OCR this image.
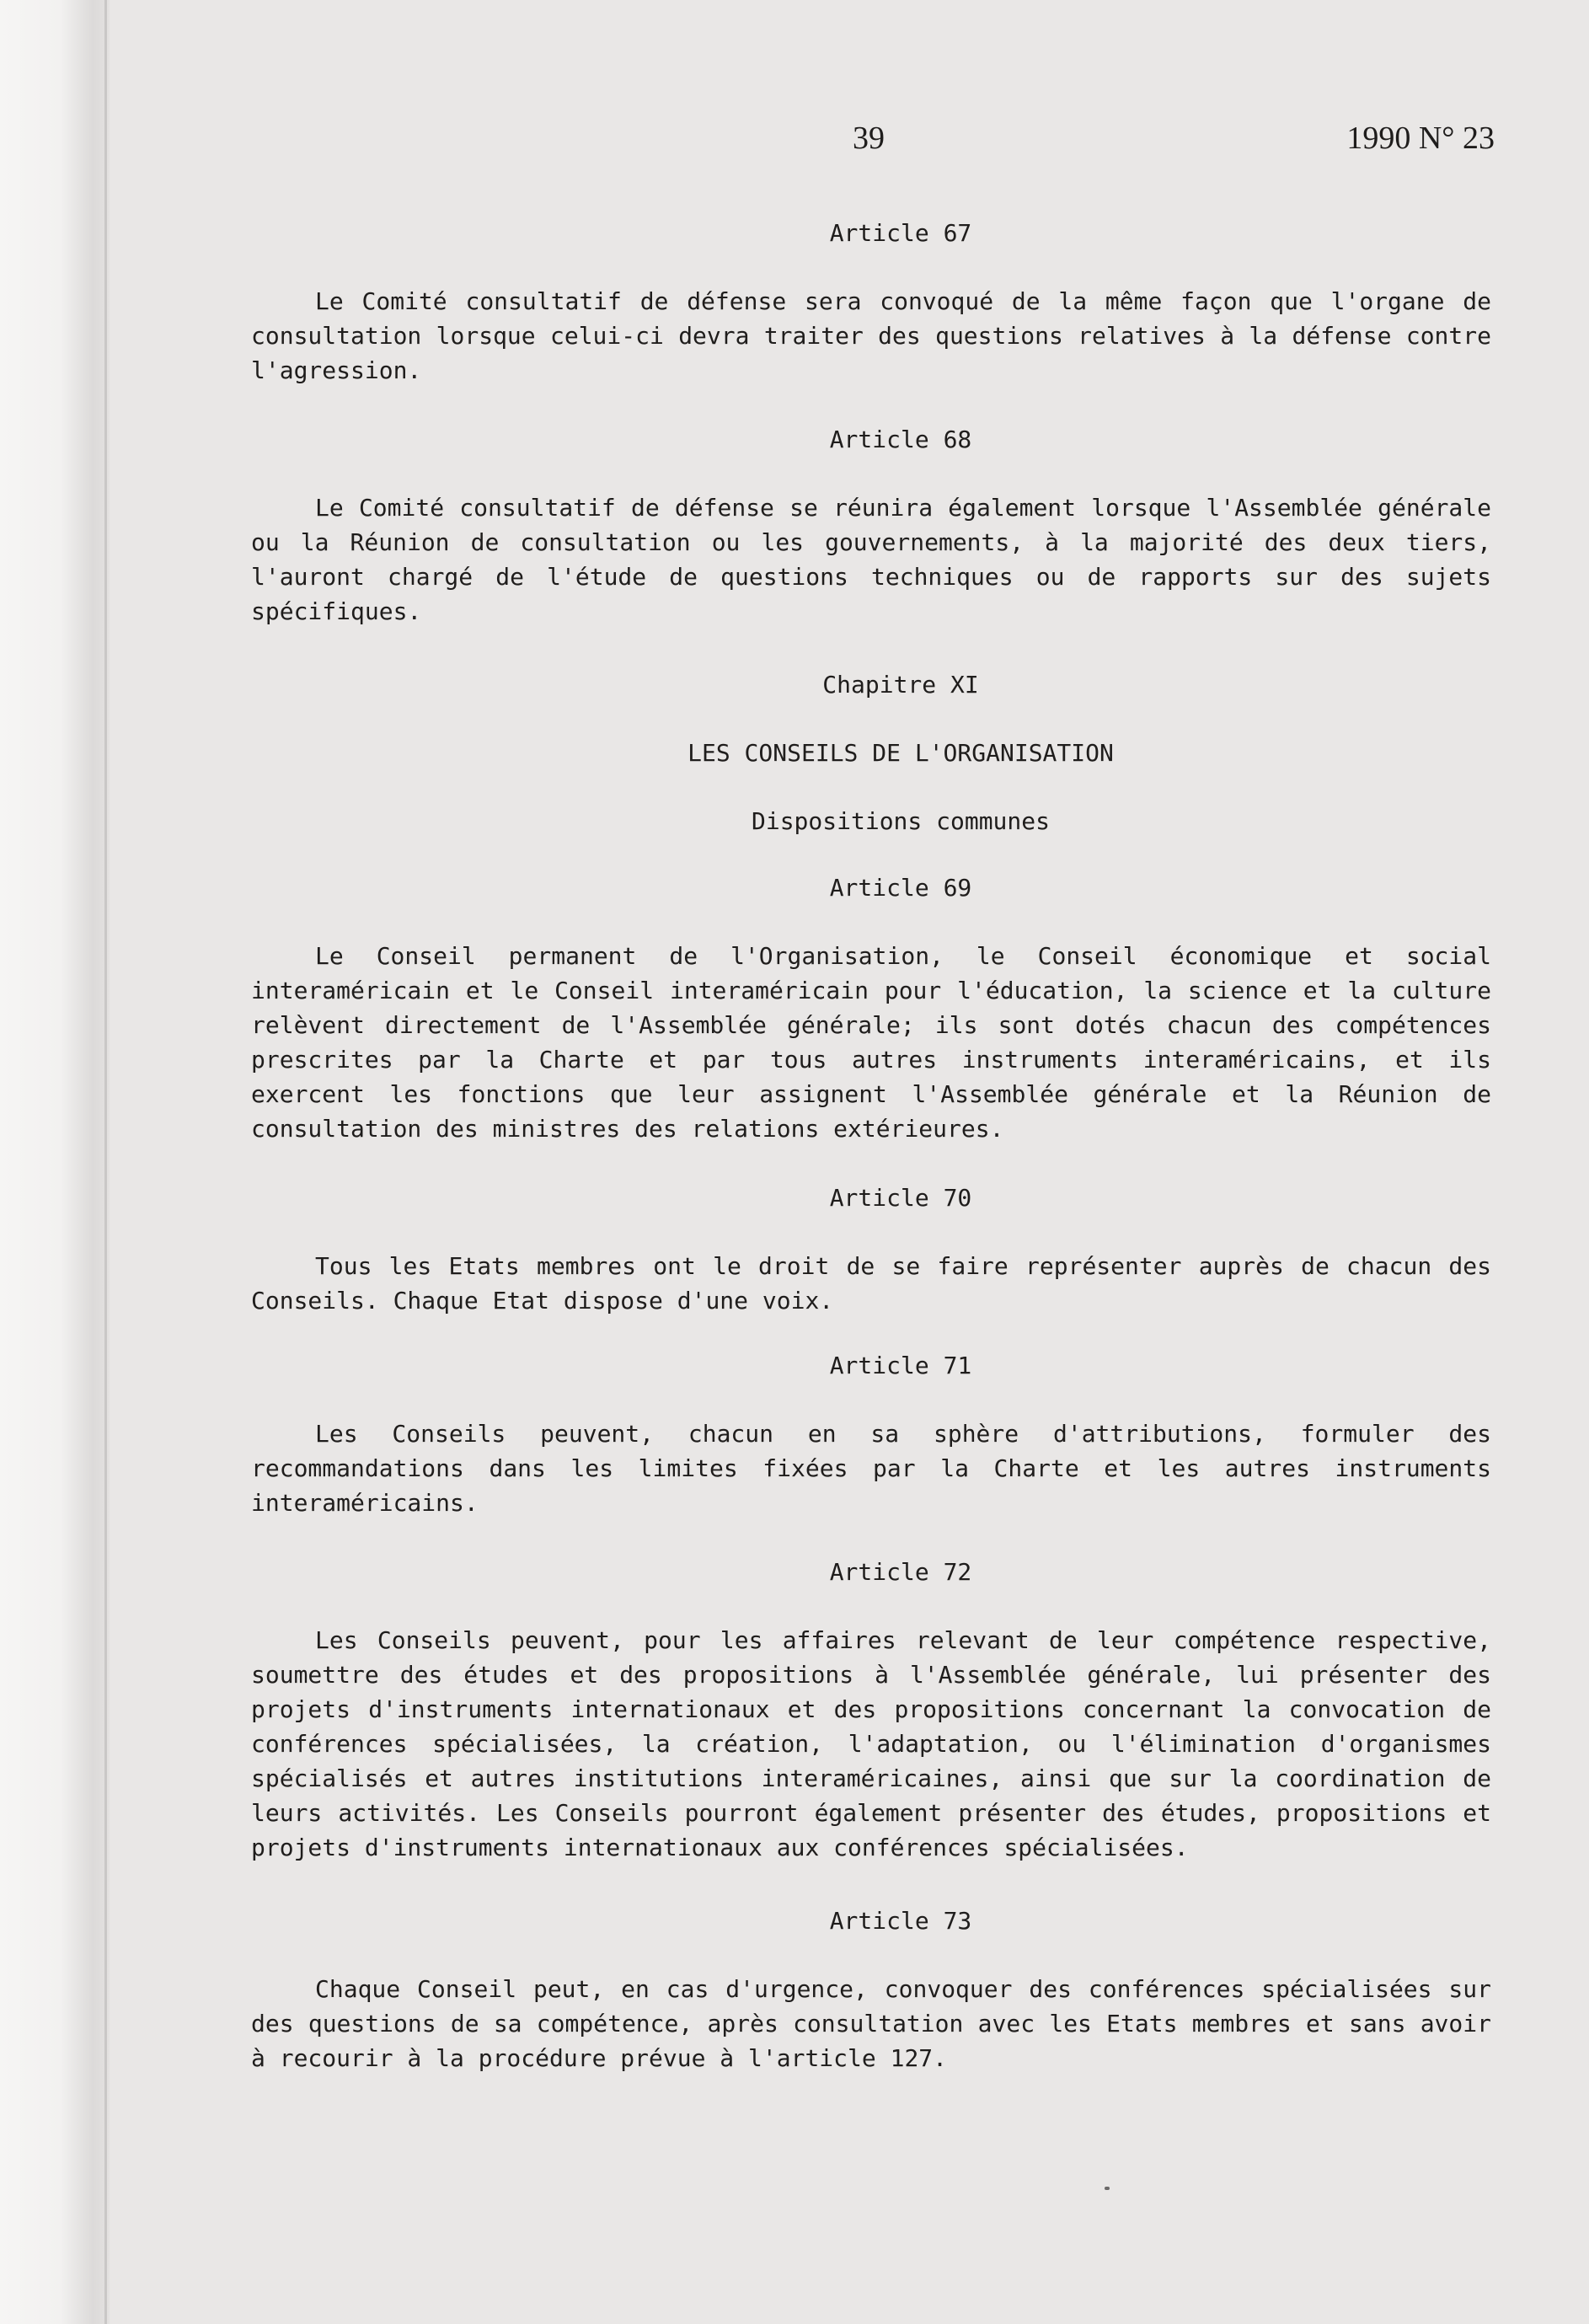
39	1990 N° 23
Article 67

Le Comité consultatif de défense sera convoqué de la même façon que l'organe de consultation lorsque celui-ci devra traiter des questions relatives à la défense contre l'agression.

Article 68

Le Comité consultatif de défense se réunira également lorsque l'Assemblée générale ou la Réunion de consultation ou les gouvernements, à la majorité des deux tiers, l'auront chargé de l'étude de questions techniques ou de rapports sur des sujets spécifiques.

Chapitre XI
LES CONSEILS DE L'ORGANISATION
Dispositions communes
Article 69

Le Conseil permanent de l'Organisation, le Conseil économique et social interaméricain et le Conseil interaméricain pour l'éducation, la science et la culture relèvent directement de l'Assemblée générale; ils sont dotés chacun des compétences prescrites par la Charte et par tous autres instruments interaméricains, et ils exercent les fonctions que leur assignent l'Assemblée générale et la Réunion de consultation des ministres des relations extérieures.

Article 70

Tous les Etats membres ont le droit de se faire représenter auprès de chacun des Conseils. Chaque Etat dispose d'une voix.

Article 71

Les Conseils peuvent, chacun en sa sphère d'attributions, formuler des recommandations dans les limites fixées par la Charte et les autres instruments interaméricains.

Article 72

Les Conseils peuvent, pour les affaires relevant de leur compétence respective, soumettre des études et des propositions à l'Assemblée générale, lui présenter des projets d'instruments internationaux et des propositions concernant la convocation de conférences spécialisées, la création, l'adaptation, ou l'élimination d'organismes spécialisés et autres institutions interaméricaines, ainsi que sur la coordination de leurs activités. Les Conseils pourront également présenter des études, propositions et projets d'instruments internationaux aux conférences spécialisées.

Article 73

Chaque Conseil peut, en cas d'urgence, convoquer des conférences spécialisées sur des questions de sa compétence, après consultation avec les Etats membres et sans avoir à recourir à la procédure prévue à l'article 127.
